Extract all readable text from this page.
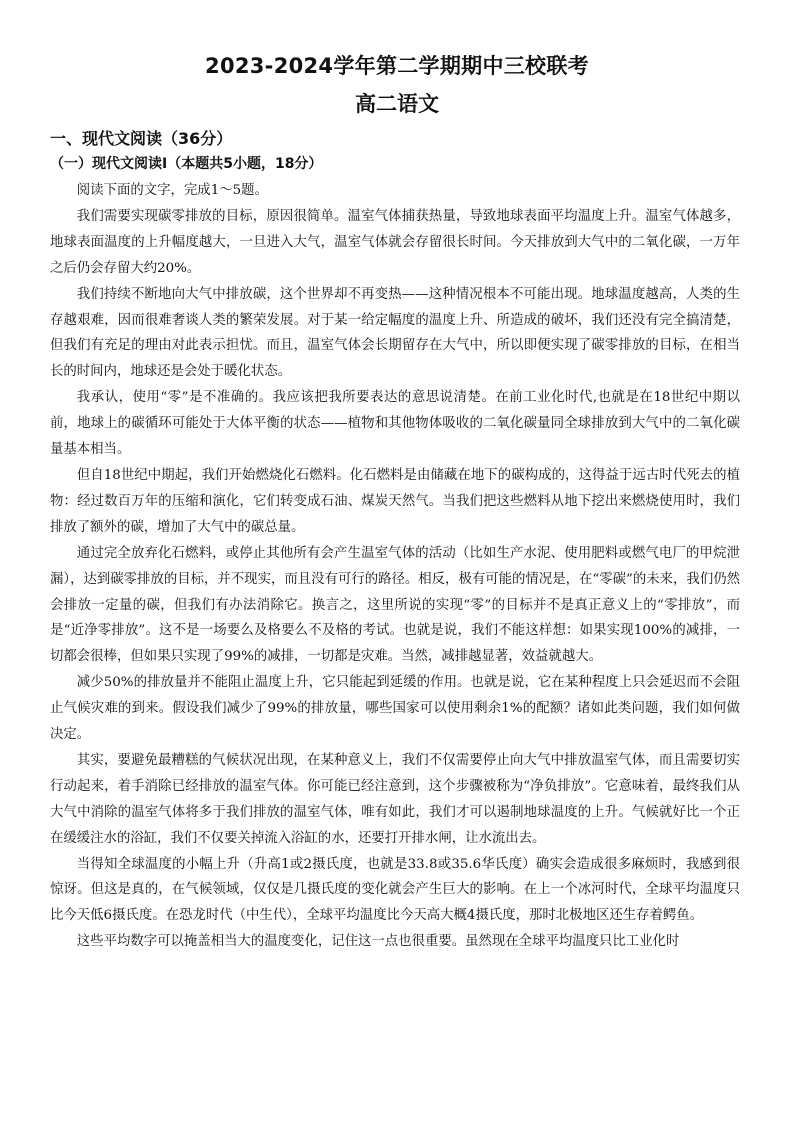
2023-2024学年第二学期期中三校联考
高二语文
一、现代文阅读（36分）
（一）现代文阅读Ⅰ（本题共5小题，18分）

阅读下面的文字，完成1～5题。

我们需要实现碳零排放的目标，原因很简单。温室气体捕获热量，导致地球表面平均温度上升。温室气体越多，地球表面温度的上升幅度越大，一旦进入大气，温室气体就会存留很长时间。今天排放到大气中的二氧化碳，一万年之后仍会存留大约20%。

我们持续不断地向大气中排放碳，这个世界却不再变热——这种情况根本不可能出现。地球温度越高，人类的生存越艰难，因而很难奢谈人类的繁荣发展。对于某一给定幅度的温度上升、所造成的破坏，我们还没有完全搞清楚，但我们有充足的理由对此表示担忧。而且，温室气体会长期留存在大气中，所以即便实现了碳零排放的目标，在相当长的时间内，地球还是会处于暖化状态。

我承认，使用“零”是不准确的。我应该把我所要表达的意思说清楚。在前工业化时代,也就是在18世纪中期以前，地球上的碳循环可能处于大体平衡的状态——植物和其他物体吸收的二氧化碳量同全球排放到大气中的二氧化碳量基本相当。

但自18世纪中期起，我们开始燃烧化石燃料。化石燃料是由储藏在地下的碳构成的，这得益于远古时代死去的植物：经过数百万年的压缩和演化，它们转变成石油、煤炭天然气。当我们把这些燃料从地下挖出来燃烧使用时，我们排放了额外的碳，增加了大气中的碳总量。

通过完全放弃化石燃料，或停止其他所有会产生温室气体的活动（比如生产水泥、使用肥料或燃气电厂的甲烷泄漏），达到碳零排放的目标，并不现实，而且没有可行的路径。相反，极有可能的情况是，在“零碳”的未来，我们仍然会排放一定量的碳，但我们有办法消除它。换言之，这里所说的实现“零”的目标并不是真正意义上的“零排放”，而是“近净零排放”。这不是一场要么及格要么不及格的考试。也就是说，我们不能这样想：如果实现100%的减排，一切都会很棒，但如果只实现了99%的减排，一切都是灾难。当然，减排越显著，效益就越大。

减少50%的排放量并不能阻止温度上升，它只能起到延缓的作用。也就是说，它在某种程度上只会延迟而不会阻止气候灾难的到来。假设我们减少了99%的排放量，哪些国家可以使用剩余1%的配额？诸如此类问题，我们如何做决定。

其实，要避免最糟糕的气候状况出现，在某种意义上，我们不仅需要停止向大气中排放温室气体，而且需要切实行动起来，着手消除已经排放的温室气体。你可能已经注意到，这个步骤被称为“净负排放”。它意味着，最终我们从大气中消除的温室气体将多于我们排放的温室气体，唯有如此，我们才可以遏制地球温度的上升。气候就好比一个正在缓缓注水的浴缸，我们不仅要关掉流入浴缸的水，还要打开排水闸，让水流出去。

当得知全球温度的小幅上升（升高1或2摄氏度，也就是33.8或35.6华氏度）确实会造成很多麻烦时，我感到很惊讶。但这是真的，在气候领域，仅仅是几摄氏度的变化就会产生巨大的影响。在上一个冰河时代，全球平均温度只比今天低6摄氏度。在恐龙时代（中生代），全球平均温度比今天高大概4摄氏度，那时北极地区还生存着鳄鱼。

这些平均数字可以掩盖相当大的温度变化，记住这一点也很重要。虽然现在全球平均温度只比工业化时
